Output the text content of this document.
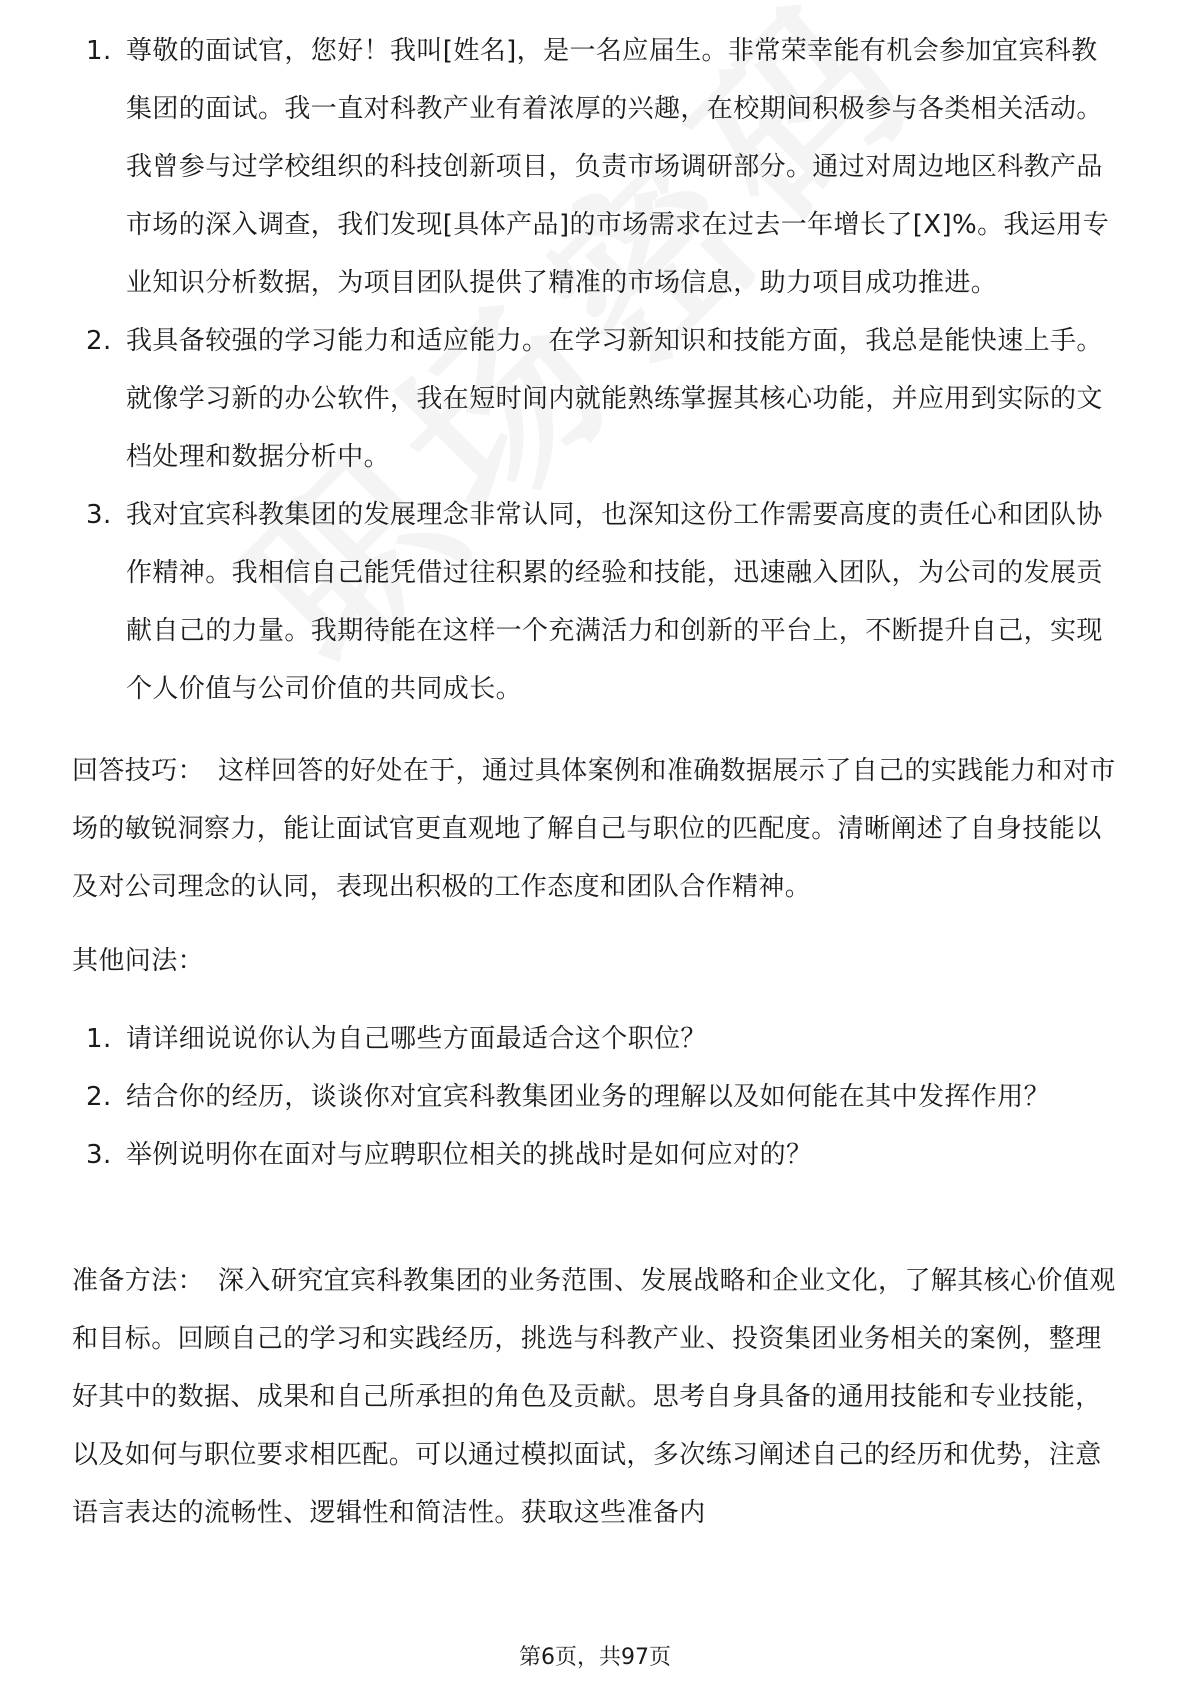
1. 尊敬的面试官，您好！我叫[姓名]，是一名应届生。非常荣幸能有机会参加宜宾科教集团的面试。我一直对科教产业有着浓厚的兴趣，在校期间积极参与各类相关活动。我曾参与过学校组织的科技创新项目，负责市场调研部分。通过对周边地区科教产品市场的深入调查，我们发现[具体产品]的市场需求在过去一年增长了[X]%。我运用专业知识分析数据，为项目团队提供了精准的市场信息，助力项目成功推进。
2. 我具备较强的学习能力和适应能力。在学习新知识和技能方面，我总是能快速上手。就像学习新的办公软件，我在短时间内就能熟练掌握其核心功能，并应用到实际的文档处理和数据分析中。
3. 我对宜宾科教集团的发展理念非常认同，也深知这份工作需要高度的责任心和团队协作精神。我相信自己能凭借过往积累的经验和技能，迅速融入团队，为公司的发展贡献自己的力量。我期待能在这样一个充满活力和创新的平台上，不断提升自己，实现个人价值与公司价值的共同成长。
回答技巧： 这样回答的好处在于，通过具体案例和准确数据展示了自己的实践能力和对市场的敏锐洞察力，能让面试官更直观地了解自己与职位的匹配度。清晰阐述了自身技能以及对公司理念的认同，表现出积极的工作态度和团队合作精神。
其他问法：
1. 请详细说说你认为自己哪些方面最适合这个职位？
2. 结合你的经历，谈谈你对宜宾科教集团业务的理解以及如何能在其中发挥作用？
3. 举例说明你在面对与应聘职位相关的挑战时是如何应对的？
准备方法： 深入研究宜宾科教集团的业务范围、发展战略和企业文化，了解其核心价值观和目标。回顾自己的学习和实践经历，挑选与科教产业、投资集团业务相关的案例，整理好其中的数据、成果和自己所承担的角色及贡献。思考自身具备的通用技能和专业技能，以及如何与职位要求相匹配。可以通过模拟面试，多次练习阐述自己的经历和优势，注意语言表达的流畅性、逻辑性和简洁性。获取这些准备内
第6页，共97页
